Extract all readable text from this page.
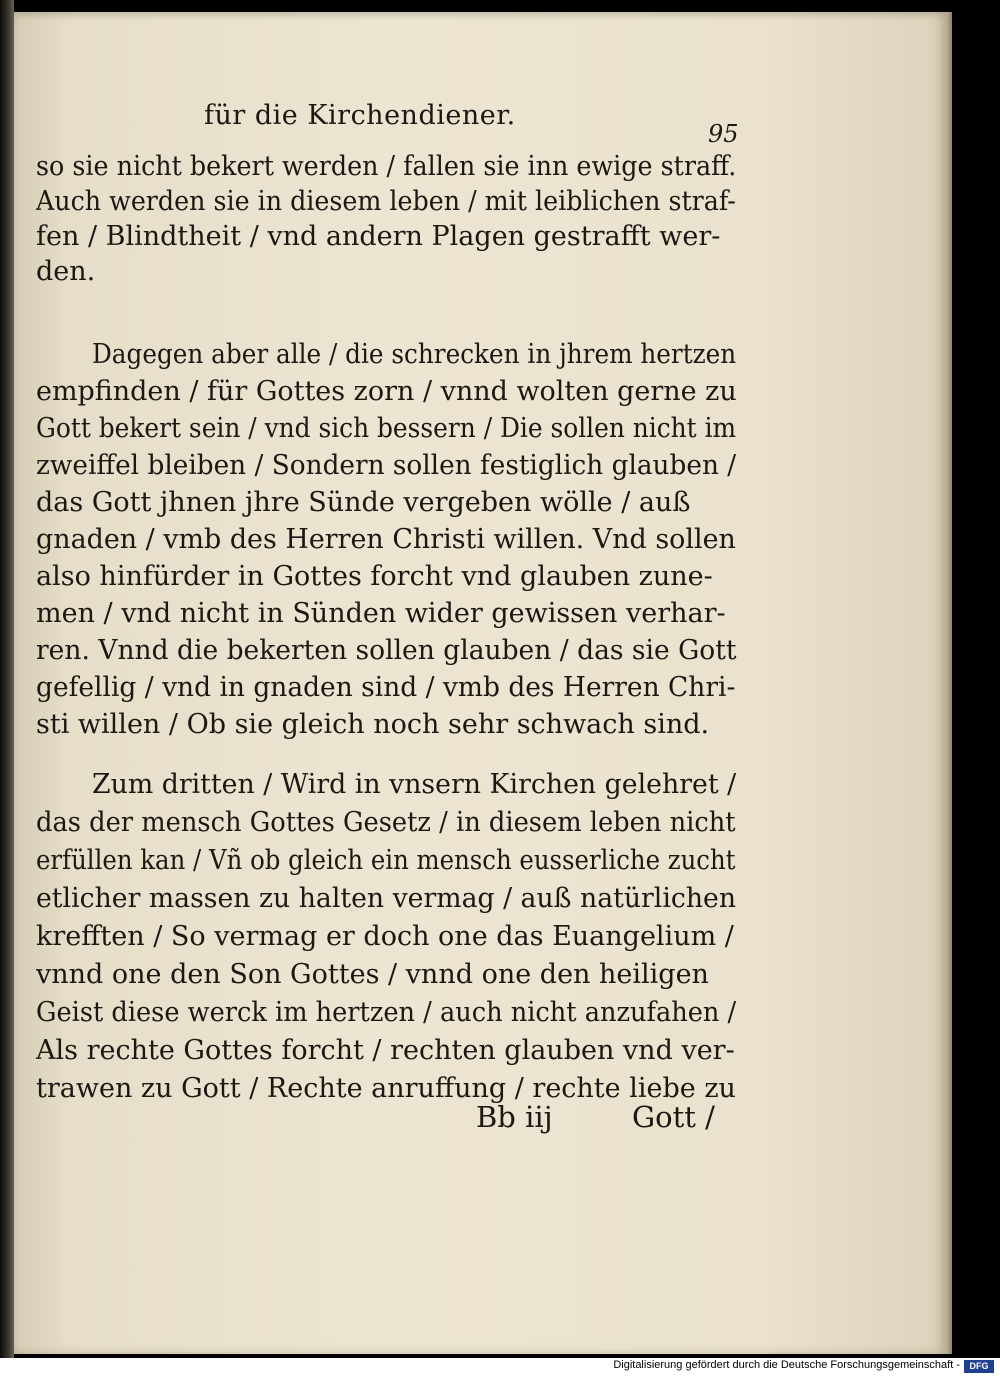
für die Kirchendiener.
95
so sie nicht bekert werden / fallen sie inn ewige straff.
Auch werden sie in diesem leben / mit leiblichen straf-
fen / Blindtheit / vnd andern Plagen gestrafft wer-
den.
Dagegen aber alle / die schrecken in jhrem hertzen
empfinden / für Gottes zorn / vnnd wolten gerne zu
Gott bekert sein / vnd sich bessern / Die sollen nicht im
zweiffel bleiben / Sondern sollen festiglich glauben /
das Gott jhnen jhre Sünde vergeben wölle / auß
gnaden / vmb des Herren Christi willen. Vnd sollen
also hinfürder in Gottes forcht vnd glauben zune-
men / vnd nicht in Sünden wider gewissen verhar-
ren. Vnnd die bekerten sollen glauben / das sie Gott
gefellig / vnd in gnaden sind / vmb des Herren Chri-
sti willen / Ob sie gleich noch sehr schwach sind.
Zum dritten / Wird in vnsern Kirchen gelehret /
das der mensch Gottes Gesetz / in diesem leben nicht
erfüllen kan / Vñ ob gleich ein mensch eusserliche zucht
etlicher massen zu halten vermag / auß natürlichen
krefften / So vermag er doch one das Euangelium /
vnnd one den Son Gottes / vnnd one den heiligen
Geist diese werck im hertzen / auch nicht anzufahen /
Als rechte Gottes forcht / rechten glauben vnd ver-
trawen zu Gott / Rechte anruffung / rechte liebe zu
Bb iij	Gott /
Digitalisierung gefördert durch die Deutsche Forschungsgemeinschaft -	DFG
